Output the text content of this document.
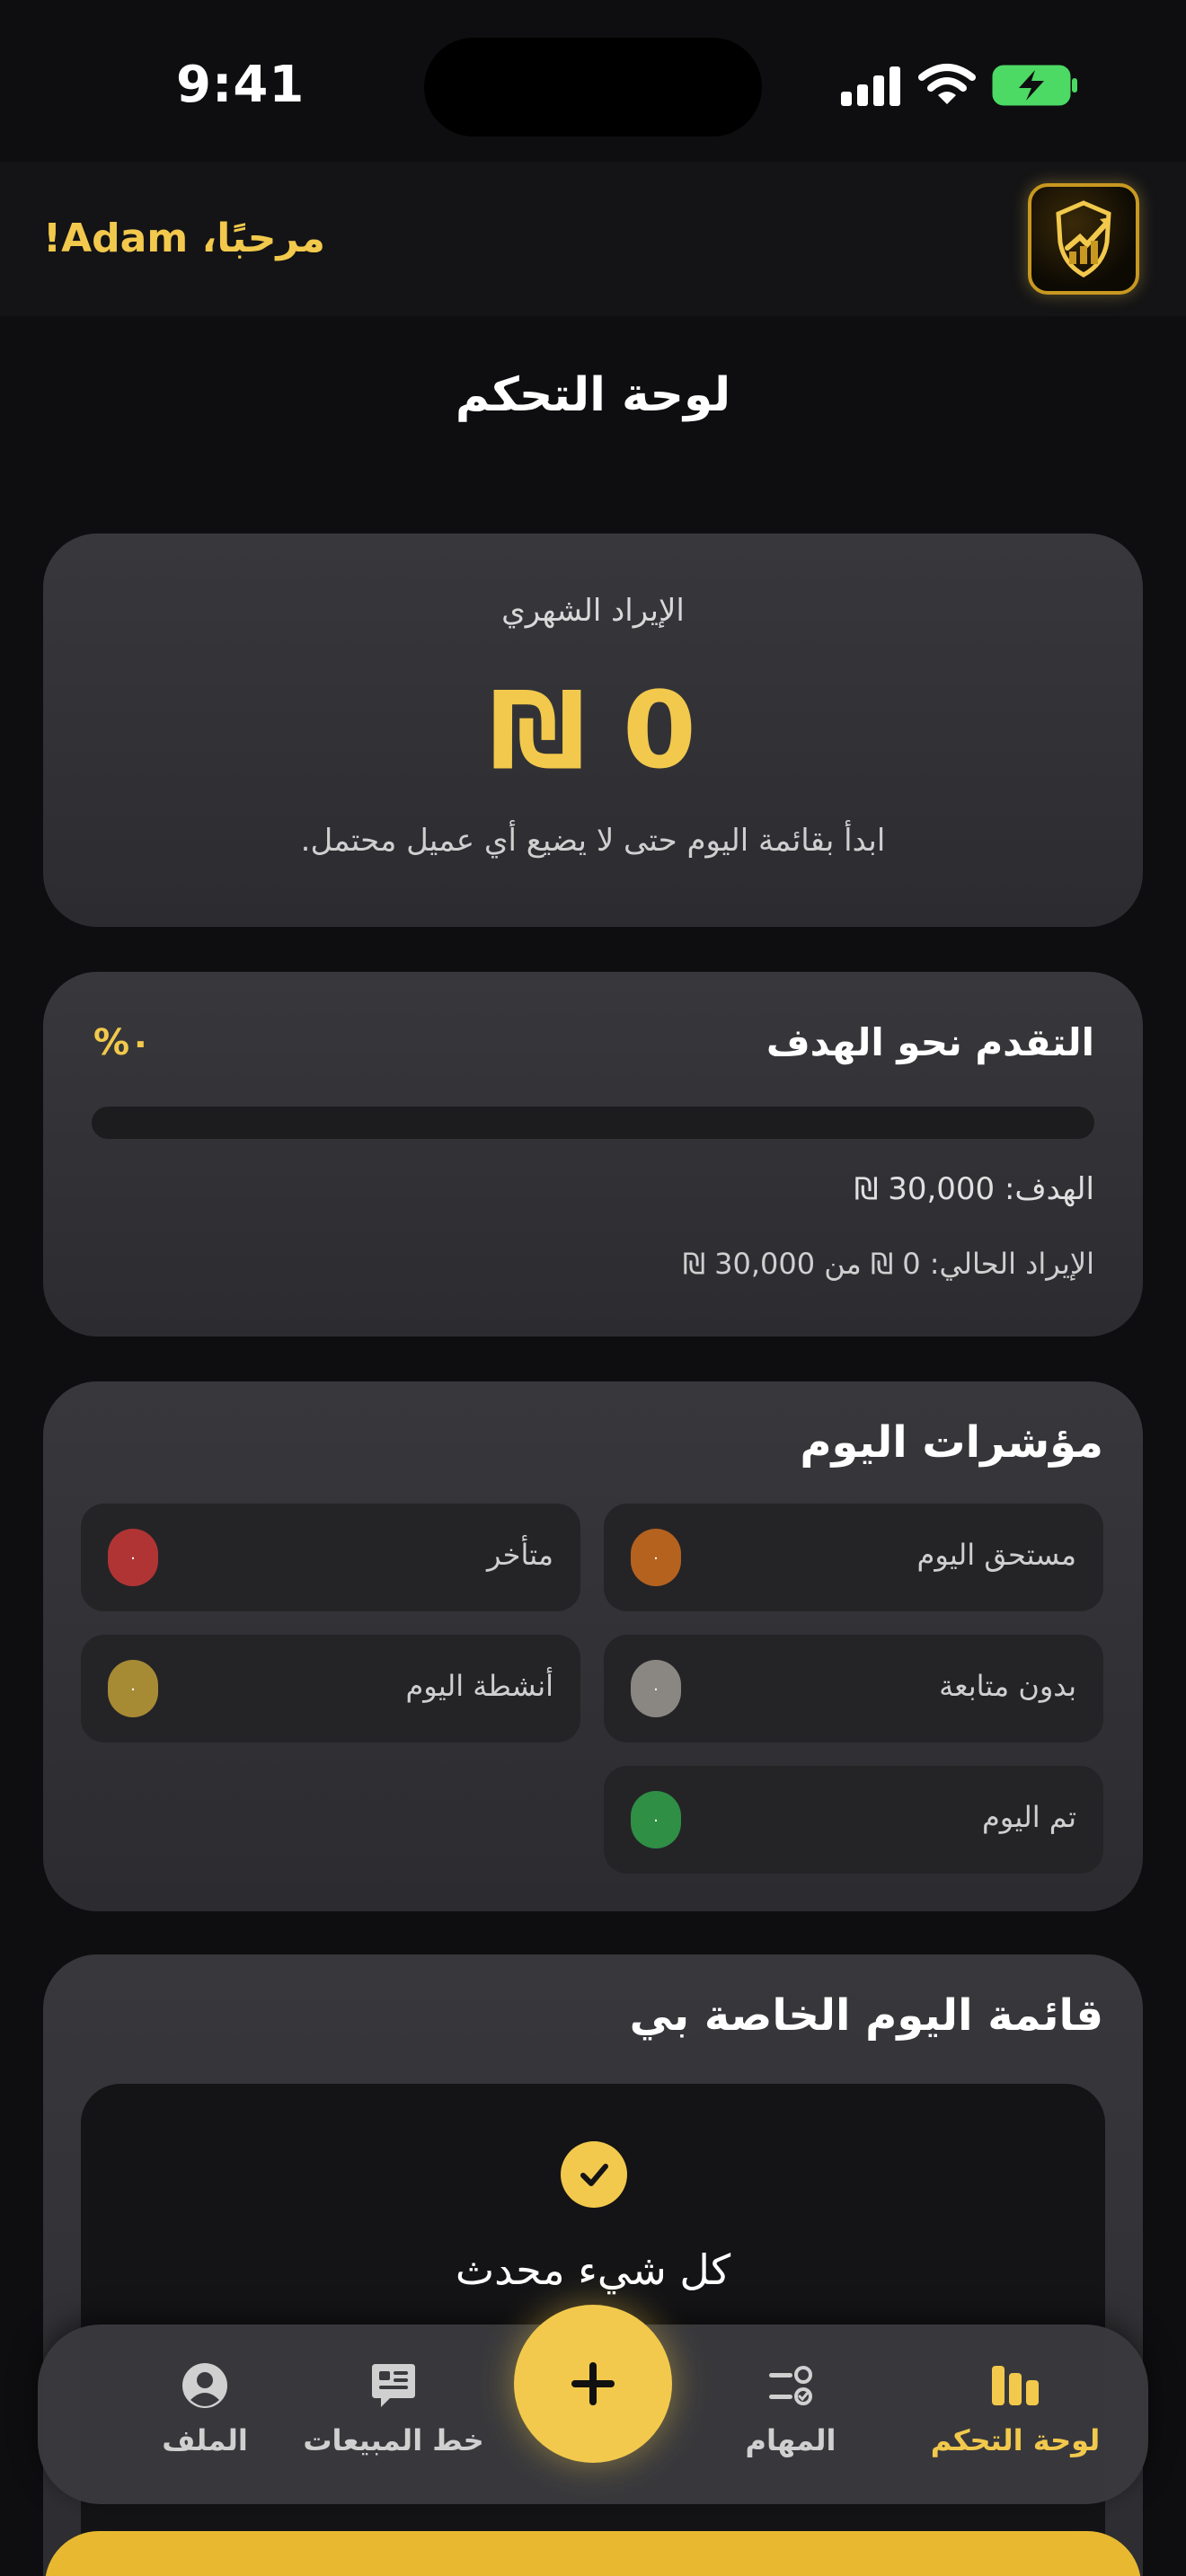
9:41
مرحبًا، Adam!
لوحة التحكم
الإيراد الشهري
₪ 0
ابدأ بقائمة اليوم حتى لا يضيع أي عميل محتمل.
التقدم نحو الهدف
٠%
الهدف: 30,000 ₪
الإيراد الحالي: 0 ₪ من 30,000 ₪
مؤشرات اليوم
مستحق اليوم
٠
متأخر
٠
بدون متابعة
٠
أنشطة اليوم
٠
تم اليوم
٠
قائمة اليوم الخاصة بي
كل شيء محدث
لوحة التحكم
المهام
خط المبيعات
الملف
